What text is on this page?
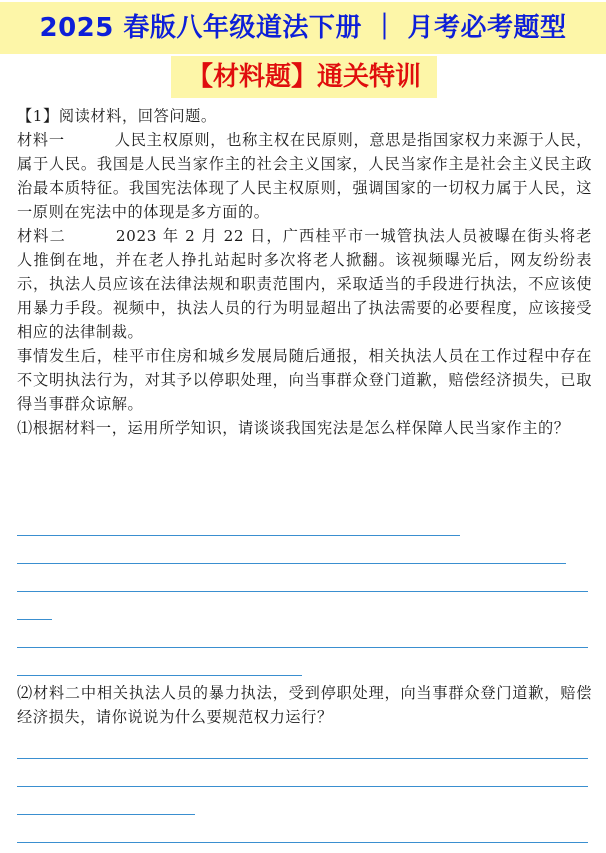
2025 春版八年级道法下册 ｜ 月考必考题型
【材料题】通关特训

【1】阅读材料，回答问题。

材料一	人民主权原则，也称主权在民原则，意思是指国家权力来源于人民，属于人民。我国是人民当家作主的社会主义国家，人民当家作主是社会主义民主政治最本质特征。我国宪法体现了人民主权原则，强调国家的一切权力属于人民，这一原则在宪法中的体现是多方面的。

材料二	2023 年 2 月 22 日，广西桂平市一城管执法人员被曝在街头将老人推倒在地，并在老人挣扎站起时多次将老人掀翻。该视频曝光后，网友纷纷表示，执法人员应该在法律法规和职责范围内，采取适当的手段进行执法，不应该使用暴力手段。视频中，执法人员的行为明显超出了执法需要的必要程度，应该接受相应的法律制裁。

事情发生后，桂平市住房和城乡发展局随后通报，相关执法人员在工作过程中存在不文明执法行为，对其予以停职处理，向当事群众登门道歉，赔偿经济损失，已取得当事群众谅解。

⑴根据材料一，运用所学知识，请谈谈我国宪法是怎么样保障人民当家作主的？

⑵材料二中相关执法人员的暴力执法，受到停职处理，向当事群众登门道歉，赔偿经济损失，请你说说为什么要规范权力运行？
